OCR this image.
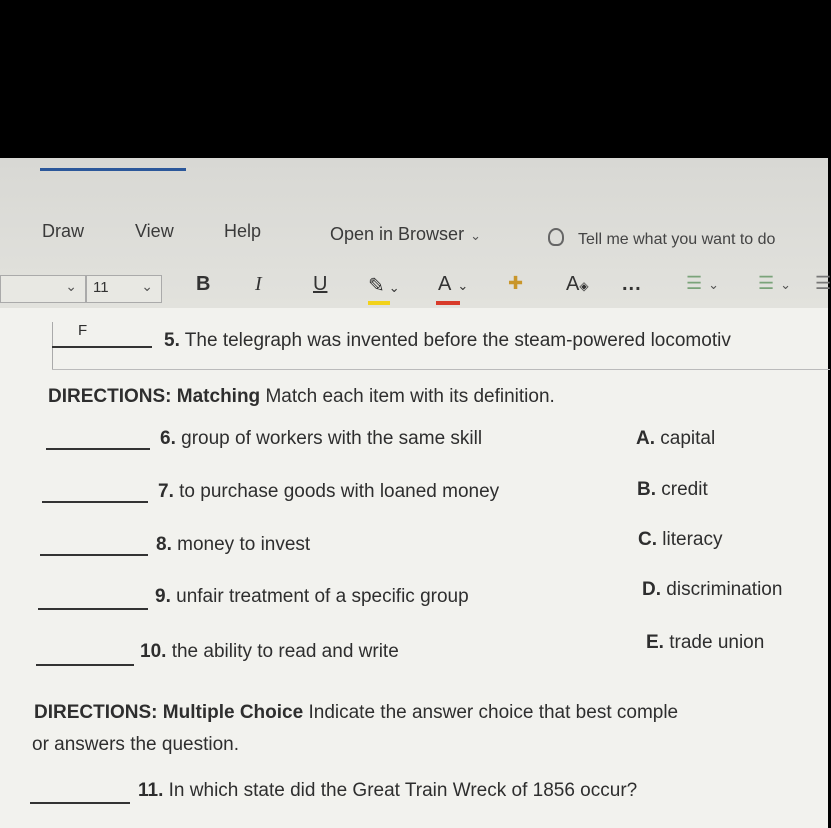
Draw	View	Help	Open in Browser ⌄	Tell me what you want to do
⌄ 11 ⌄ B I	U ✎ ⌄ A ⌄ ✚ A◈ ... ☰ ⌄ ☰ ⌄ ☰
F	5. The telegraph was invented before the steam-powered locomotiv
DIRECTIONS: Matching Match each item with its definition.
6. group of workers with the same skill	A. capital
7. to purchase goods with loaned money	B. credit
8. money to invest	C. literacy
9. unfair treatment of a specific group	D. discrimination
10. the ability to read and write	E. trade union
DIRECTIONS: Multiple Choice Indicate the answer choice that best comple
or answers the question.
11. In which state did the Great Train Wreck of 1856 occur?
